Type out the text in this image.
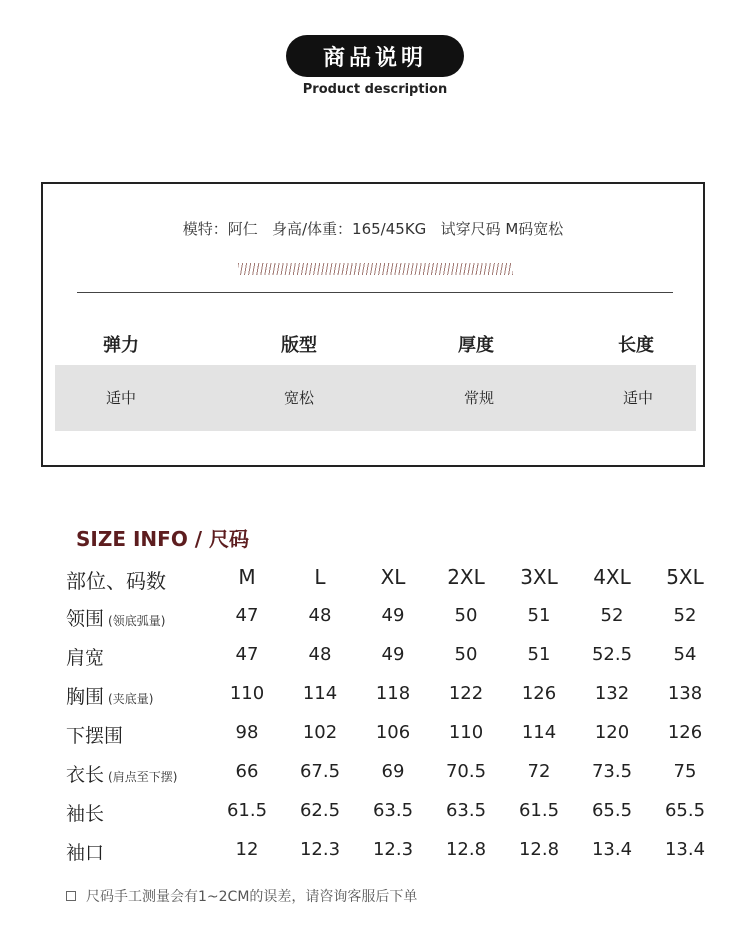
商品说明
Product description
模特：阿仁   身高/体重：165/45KG   试穿尺码 M码宽松
弹力	版型	厚度	长度
适中	宽松	常规	适中
SIZE INFO / 尺码
部位、码数	M	L	XL	2XL	3XL	4XL	5XL
领围 (领底弧量)	47	48	49	50	51	52	52
肩宽	47	48	49	50	51	52.5	54
胸围 (夹底量)	110	114	118	122	126	132	138
下摆围	98	102	106	110	114	120	126
衣长 (肩点至下摆)	66	67.5	69	70.5	72	73.5	75
袖长	61.5	62.5	63.5	63.5	61.5	65.5	65.5
袖口	12	12.3	12.3	12.8	12.8	13.4	13.4
尺码手工测量会有1~2CM的误差，请咨询客服后下单
